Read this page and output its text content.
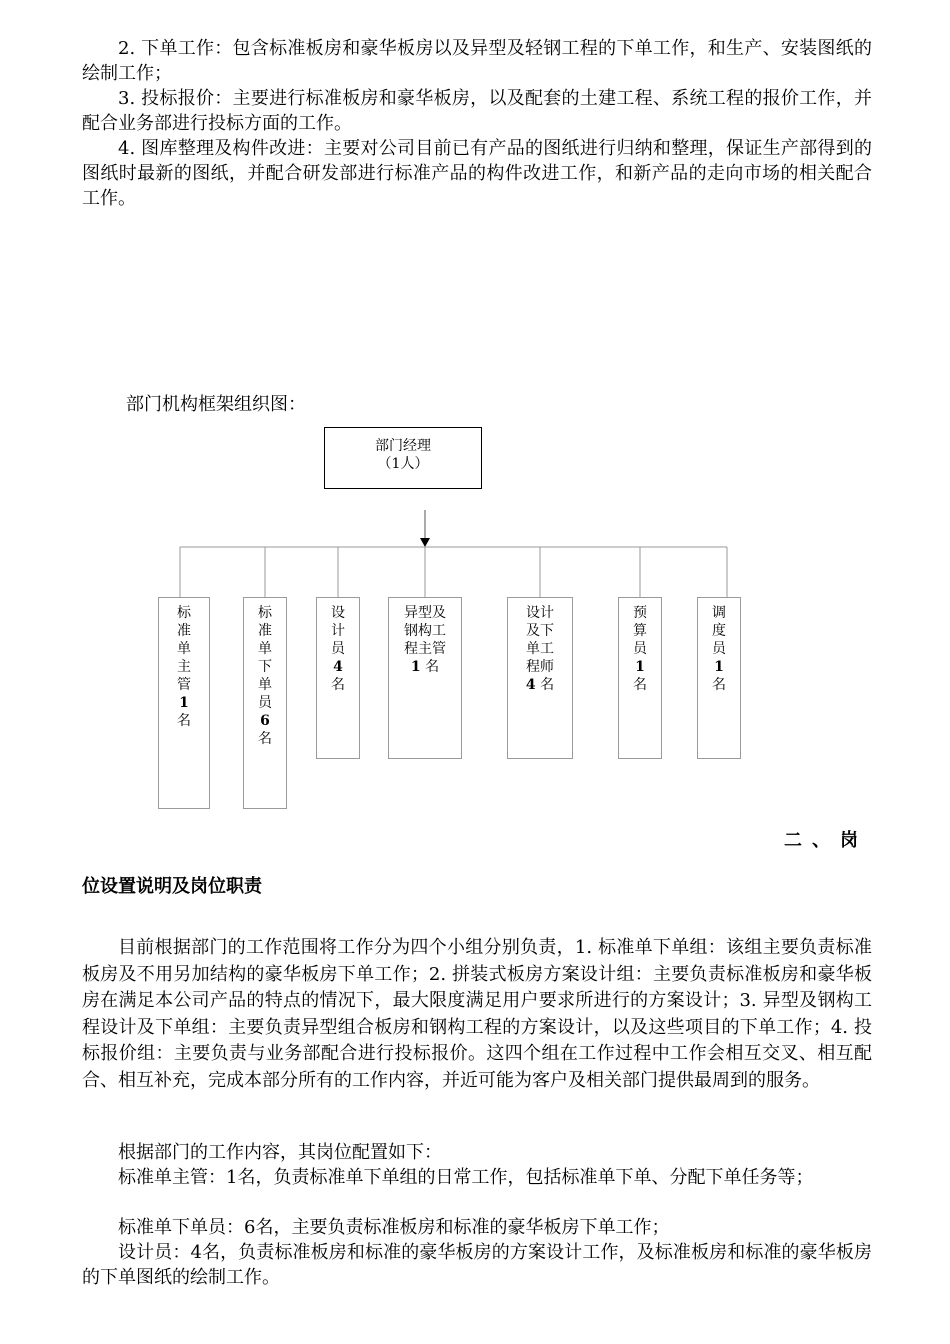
2. 下单工作：包含标准板房和豪华板房以及异型及轻钢工程的下单工作，和生产、安装图纸的绘制工作；

3. 投标报价：主要进行标准板房和豪华板房，以及配套的土建工程、系统工程的报价工作，并配合业务部进行投标方面的工作。

4. 图库整理及构件改进：主要对公司目前已有产品的图纸进行归纳和整理，保证生产部得到的图纸时最新的图纸，并配合研发部进行标准产品的构件改进工作，和新产品的走向市场的相关配合工作。

部门机构框架组织图：
部门经理
（1人）
标准单主管
1
名
标准单下单员
6
名
设计员
4
名
异型及钢构工程主管
1 名
设计及下单工程师
4 名
预算员
1
名
调度员
1
名
二、岗
位设置说明及岗位职责

目前根据部门的工作范围将工作分为四个小组分别负责，1. 标准单下单组：该组主要负责标准板房及不用另加结构的豪华板房下单工作；2. 拼装式板房方案设计组：主要负责标准板房和豪华板房在满足本公司产品的特点的情况下，最大限度满足用户要求所进行的方案设计；3. 异型及钢构工程设计及下单组：主要负责异型组合板房和钢构工程的方案设计，以及这些项目的下单工作；4. 投标报价组：主要负责与业务部配合进行投标报价。这四个组在工作过程中工作会相互交叉、相互配合、相互补充，完成本部分所有的工作内容，并近可能为客户及相关部门提供最周到的服务。

根据部门的工作内容，其岗位配置如下：

标准单主管：1名，负责标准单下单组的日常工作，包括标准单下单、分配下单任务等；

标准单下单员：6名，主要负责标准板房和标准的豪华板房下单工作；

设计员：4名，负责标准板房和标准的豪华板房的方案设计工作，及标准板房和标准的豪华板房的下单图纸的绘制工作。
